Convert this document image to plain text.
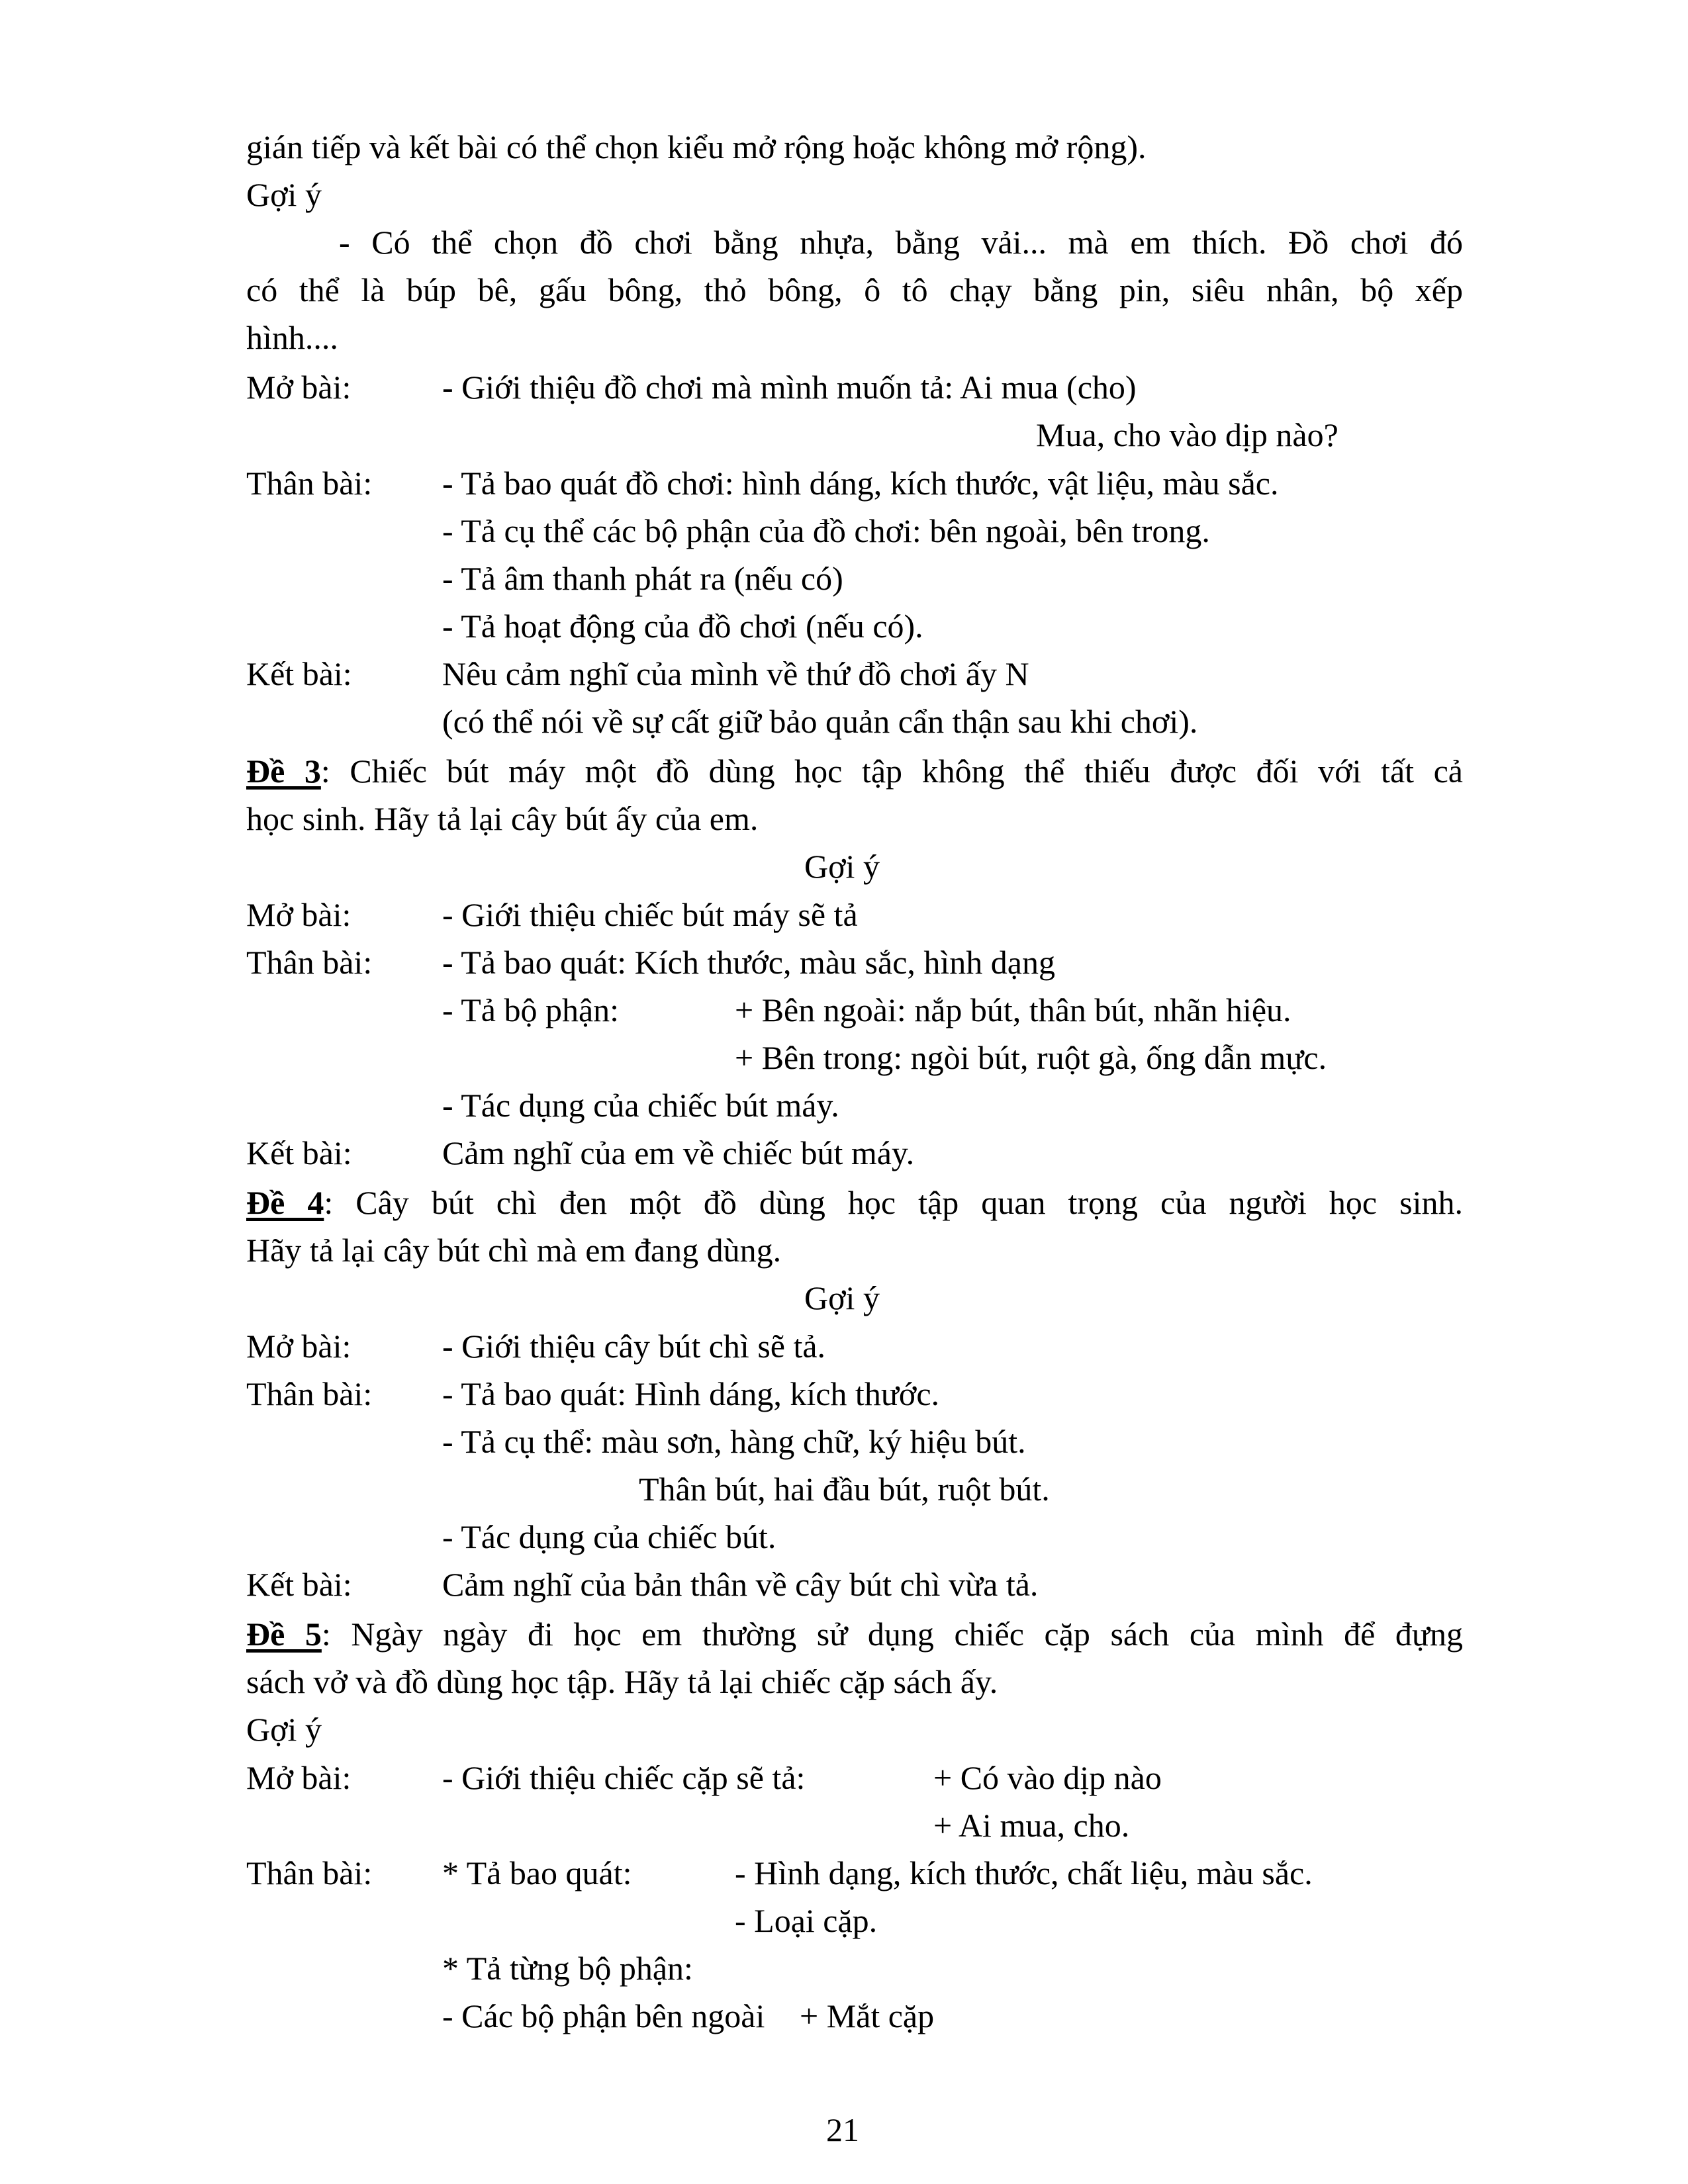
gián tiếp và kết bài có thể chọn kiểu mở rộng hoặc không mở rộng).
Gợi ý
- Có thể chọn đồ chơi bằng nhựa, bằng vải... mà em thích. Đồ chơi đó
có thể là búp bê, gấu bông, thỏ bông, ô tô chạy bằng pin, siêu nhân, bộ xếp
hình....
Mở bài:	- Giới thiệu đồ chơi mà mình muốn tả: Ai mua (cho)
Mua, cho vào dịp nào?
Thân bài: - Tả bao quát đồ chơi: hình dáng, kích thước, vật liệu, màu sắc.
- Tả cụ thể các bộ phận của đồ chơi: bên ngoài, bên trong.
- Tả âm thanh phát ra (nếu có)
- Tả hoạt động của đồ chơi (nếu có).
Kết bài:	Nêu cảm nghĩ của mình về thứ đồ chơi ấy N
(có thể nói về sự cất giữ bảo quản cẩn thận sau khi chơi).
Đề 3: Chiếc bút máy một đồ dùng học tập không thể thiếu được đối với tất cả
học sinh. Hãy tả lại cây bút ấy của em.
Gợi ý
Mở bài:	- Giới thiệu chiếc bút máy sẽ tả
Thân bài: - Tả bao quát: Kích thước, màu sắc, hình dạng
- Tả bộ phận:	+ Bên ngoài: nắp bút, thân bút, nhãn hiệu.
+ Bên trong: ngòi bút, ruột gà, ống dẫn mực.
- Tác dụng của chiếc bút máy.
Kết bài:	Cảm nghĩ của em về chiếc bút máy.
Đề 4: Cây bút chì đen một đồ dùng học tập quan trọng của người học sinh.
Hãy tả lại cây bút chì mà em đang dùng.
Gợi ý
Mở bài:	- Giới thiệu cây bút chì sẽ tả.
Thân bài: - Tả bao quát: Hình dáng, kích thước.
- Tả cụ thể: màu sơn, hàng chữ, ký hiệu bút.
Thân bút, hai đầu bút, ruột bút.
- Tác dụng của chiếc bút.
Kết bài:	Cảm nghĩ của bản thân về cây bút chì vừa tả.
Đề 5: Ngày ngày đi học em thường sử dụng chiếc cặp sách của mình để đựng
sách vở và đồ dùng học tập. Hãy tả lại chiếc cặp sách ấy.
Gợi ý
Mở bài:	- Giới thiệu chiếc cặp sẽ tả:	+ Có vào dịp nào
+ Ai mua, cho.
Thân bài: * Tả bao quát:	- Hình dạng, kích thước, chất liệu, màu sắc.
- Loại cặp.
* Tả từng bộ phận:
- Các bộ phận bên ngoài + Mắt cặp
21
